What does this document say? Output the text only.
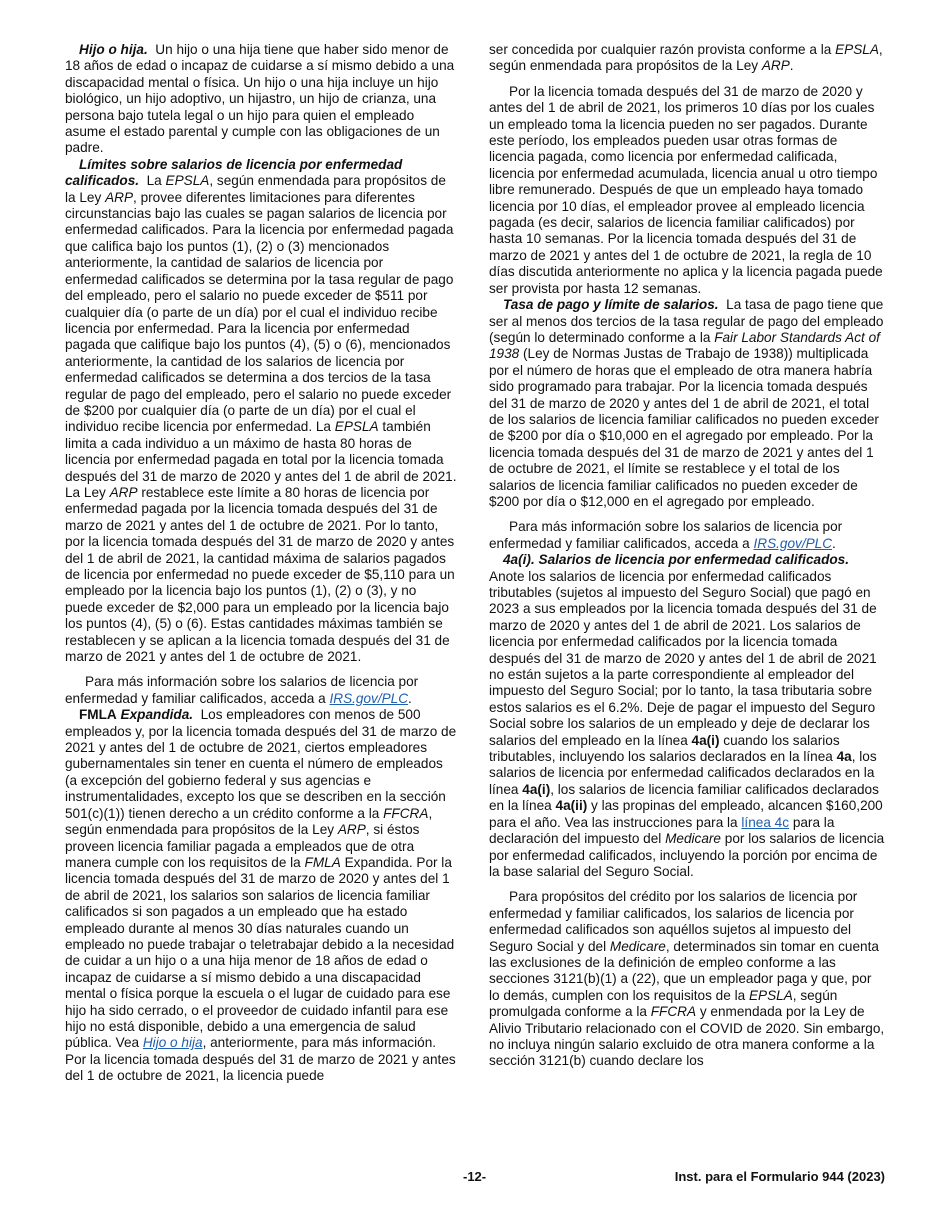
Hijo o hija. Un hijo o una hija tiene que haber sido menor de 18 años de edad o incapaz de cuidarse a sí mismo debido a una discapacidad mental o física. Un hijo o una hija incluye un hijo biológico, un hijo adoptivo, un hijastro, un hijo de crianza, una persona bajo tutela legal o un hijo para quien el empleado asume el estado parental y cumple con las obligaciones de un padre.

Límites sobre salarios de licencia por enfermedad calificados. La EPSLA, según enmendada para propósitos de la Ley ARP, provee diferentes limitaciones para diferentes circunstancias bajo las cuales se pagan salarios de licencia por enfermedad calificados. Para la licencia por enfermedad pagada que califica bajo los puntos (1), (2) o (3) mencionados anteriormente, la cantidad de salarios de licencia por enfermedad calificados se determina por la tasa regular de pago del empleado, pero el salario no puede exceder de $511 por cualquier día (o parte de un día) por el cual el individuo recibe licencia por enfermedad. Para la licencia por enfermedad pagada que califique bajo los puntos (4), (5) o (6), mencionados anteriormente, la cantidad de los salarios de licencia por enfermedad calificados se determina a dos tercios de la tasa regular de pago del empleado, pero el salario no puede exceder de $200 por cualquier día (o parte de un día) por el cual el individuo recibe licencia por enfermedad. La EPSLA también limita a cada individuo a un máximo de hasta 80 horas de licencia por enfermedad pagada en total por la licencia tomada después del 31 de marzo de 2020 y antes del 1 de abril de 2021. La Ley ARP restablece este límite a 80 horas de licencia por enfermedad pagada por la licencia tomada después del 31 de marzo de 2021 y antes del 1 de octubre de 2021. Por lo tanto, por la licencia tomada después del 31 de marzo de 2020 y antes del 1 de abril de 2021, la cantidad máxima de salarios pagados de licencia por enfermedad no puede exceder de $5,110 para un empleado por la licencia bajo los puntos (1), (2) o (3), y no puede exceder de $2,000 para un empleado por la licencia bajo los puntos (4), (5) o (6). Estas cantidades máximas también se restablecen y se aplican a la licencia tomada después del 31 de marzo de 2021 y antes del 1 de octubre de 2021.

Para más información sobre los salarios de licencia por enfermedad y familiar calificados, acceda a IRS.gov/PLC.

FMLA Expandida. Los empleadores con menos de 500 empleados y, por la licencia tomada después del 31 de marzo de 2021 y antes del 1 de octubre de 2021, ciertos empleadores gubernamentales sin tener en cuenta el número de empleados (a excepción del gobierno federal y sus agencias e instrumentalidades, excepto los que se describen en la sección 501(c)(1)) tienen derecho a un crédito conforme a la FFCRA, según enmendada para propósitos de la Ley ARP, si éstos proveen licencia familiar pagada a empleados que de otra manera cumple con los requisitos de la FMLA Expandida. Por la licencia tomada después del 31 de marzo de 2020 y antes del 1 de abril de 2021, los salarios son salarios de licencia familiar calificados si son pagados a un empleado que ha estado empleado durante al menos 30 días naturales cuando un empleado no puede trabajar o teletrabajar debido a la necesidad de cuidar a un hijo o a una hija menor de 18 años de edad o incapaz de cuidarse a sí mismo debido a una discapacidad mental o física porque la escuela o el lugar de cuidado para ese hijo ha sido cerrado, o el proveedor de cuidado infantil para ese hijo no está disponible, debido a una emergencia de salud pública. Vea Hijo o hija, anteriormente, para más información. Por la licencia tomada después del 31 de marzo de 2021 y antes del 1 de octubre de 2021, la licencia puede

ser concedida por cualquier razón provista conforme a la EPSLA, según enmendada para propósitos de la Ley ARP.

Por la licencia tomada después del 31 de marzo de 2020 y antes del 1 de abril de 2021, los primeros 10 días por los cuales un empleado toma la licencia pueden no ser pagados. Durante este período, los empleados pueden usar otras formas de licencia pagada, como licencia por enfermedad calificada, licencia por enfermedad acumulada, licencia anual u otro tiempo libre remunerado. Después de que un empleado haya tomado licencia por 10 días, el empleador provee al empleado licencia pagada (es decir, salarios de licencia familiar calificados) por hasta 10 semanas. Por la licencia tomada después del 31 de marzo de 2021 y antes del 1 de octubre de 2021, la regla de 10 días discutida anteriormente no aplica y la licencia pagada puede ser provista por hasta 12 semanas.

Tasa de pago y límite de salarios. La tasa de pago tiene que ser al menos dos tercios de la tasa regular de pago del empleado (según lo determinado conforme a la Fair Labor Standards Act of 1938 (Ley de Normas Justas de Trabajo de 1938)) multiplicada por el número de horas que el empleado de otra manera habría sido programado para trabajar. Por la licencia tomada después del 31 de marzo de 2020 y antes del 1 de abril de 2021, el total de los salarios de licencia familiar calificados no pueden exceder de $200 por día o $10,000 en el agregado por empleado. Por la licencia tomada después del 31 de marzo de 2021 y antes del 1 de octubre de 2021, el límite se restablece y el total de los salarios de licencia familiar calificados no pueden exceder de $200 por día o $12,000 en el agregado por empleado.

Para más información sobre los salarios de licencia por enfermedad y familiar calificados, acceda a IRS.gov/PLC.

4a(i). Salarios de licencia por enfermedad calificados. Anote los salarios de licencia por enfermedad calificados tributables (sujetos al impuesto del Seguro Social) que pagó en 2023 a sus empleados por la licencia tomada después del 31 de marzo de 2020 y antes del 1 de abril de 2021. Los salarios de licencia por enfermedad calificados por la licencia tomada después del 31 de marzo de 2020 y antes del 1 de abril de 2021 no están sujetos a la parte correspondiente al empleador del impuesto del Seguro Social; por lo tanto, la tasa tributaria sobre estos salarios es el 6.2%. Deje de pagar el impuesto del Seguro Social sobre los salarios de un empleado y deje de declarar los salarios del empleado en la línea 4a(i) cuando los salarios tributables, incluyendo los salarios declarados en la línea 4a, los salarios de licencia por enfermedad calificados declarados en la línea 4a(i), los salarios de licencia familiar calificados declarados en la línea 4a(ii) y las propinas del empleado, alcancen $160,200 para el año. Vea las instrucciones para la línea 4c para la declaración del impuesto del Medicare por los salarios de licencia por enfermedad calificados, incluyendo la porción por encima de la base salarial del Seguro Social.

Para propósitos del crédito por los salarios de licencia por enfermedad y familiar calificados, los salarios de licencia por enfermedad calificados son aquéllos sujetos al impuesto del Seguro Social y del Medicare, determinados sin tomar en cuenta las exclusiones de la definición de empleo conforme a las secciones 3121(b)(1) a (22), que un empleador paga y que, por lo demás, cumplen con los requisitos de la EPSLA, según promulgada conforme a la FFCRA y enmendada por la Ley de Alivio Tributario relacionado con el COVID de 2020. Sin embargo, no incluya ningún salario excluido de otra manera conforme a la sección 3121(b) cuando declare los

-12-	Inst. para el Formulario 944 (2023)
